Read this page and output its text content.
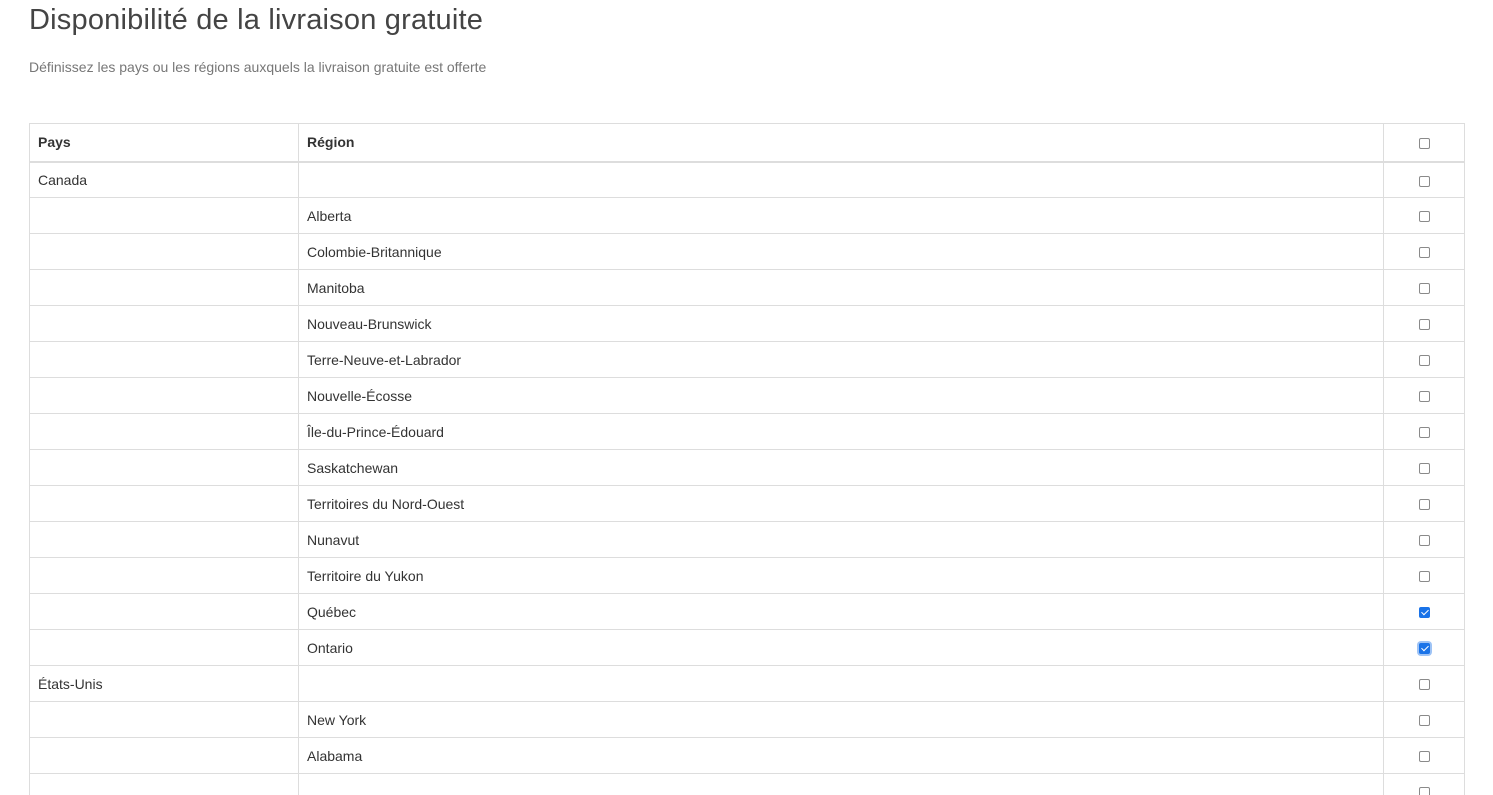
Disponibilité de la livraison gratuite

Définissez les pays ou les régions auxquels la livraison gratuite est offerte

Pays	Région	
Canada		
	Alberta	
	Colombie-Britannique	
	Manitoba	
	Nouveau-Brunswick	
	Terre-Neuve-et-Labrador	
	Nouvelle-Écosse	
	Île-du-Prince-Édouard	
	Saskatchewan	
	Territoires du Nord-Ouest	
	Nunavut	
	Territoire du Yukon	
	Québec	
	Ontario	
États-Unis		
	New York	
	Alabama	
